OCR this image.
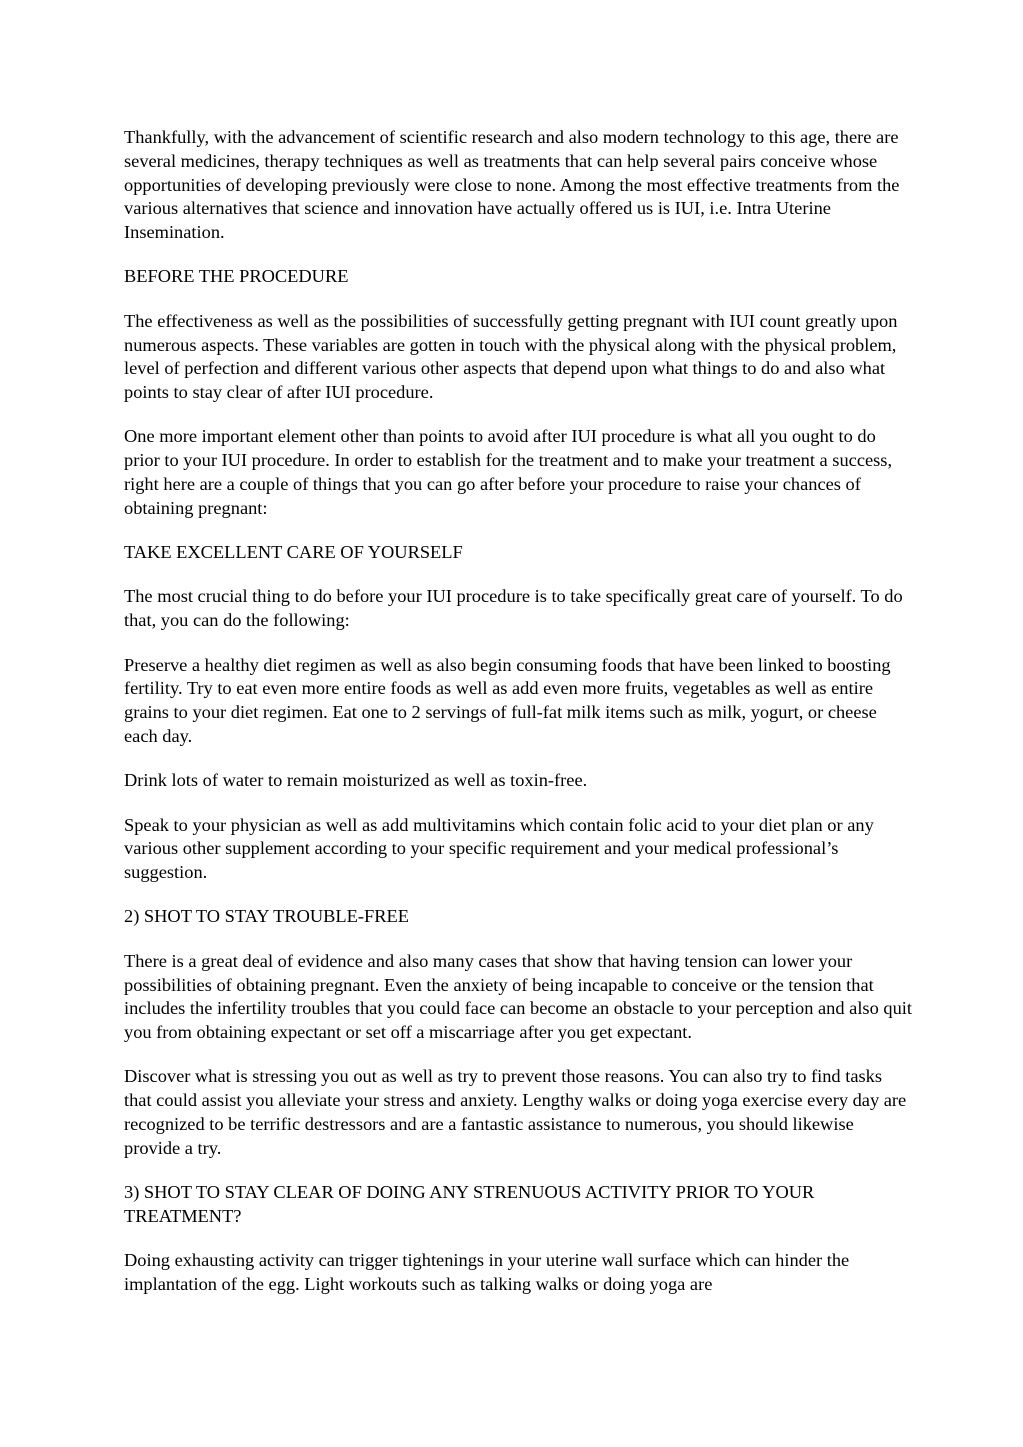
Thankfully, with the advancement of scientific research and also modern technology to this age, there are several medicines, therapy techniques as well as treatments that can help several pairs conceive whose opportunities of developing previously were close to none. Among the most effective treatments from the various alternatives that science and innovation have actually offered us is IUI, i.e. Intra Uterine Insemination.

BEFORE THE PROCEDURE

The effectiveness as well as the possibilities of successfully getting pregnant with IUI count greatly upon numerous aspects. These variables are gotten in touch with the physical along with the physical problem, level of perfection and different various other aspects that depend upon what things to do and also what points to stay clear of after IUI procedure.

One more important element other than points to avoid after IUI procedure is what all you ought to do prior to your IUI procedure. In order to establish for the treatment and to make your treatment a success, right here are a couple of things that you can go after before your procedure to raise your chances of obtaining pregnant:

TAKE EXCELLENT CARE OF YOURSELF

The most crucial thing to do before your IUI procedure is to take specifically great care of yourself. To do that, you can do the following:

Preserve a healthy diet regimen as well as also begin consuming foods that have been linked to boosting fertility. Try to eat even more entire foods as well as add even more fruits, vegetables as well as entire grains to your diet regimen. Eat one to 2 servings of full-fat milk items such as milk, yogurt, or cheese each day.

Drink lots of water to remain moisturized as well as toxin-free.

Speak to your physician as well as add multivitamins which contain folic acid to your diet plan or any various other supplement according to your specific requirement and your medical professional’s suggestion.

2) SHOT TO STAY TROUBLE-FREE

There is a great deal of evidence and also many cases that show that having tension can lower your possibilities of obtaining pregnant. Even the anxiety of being incapable to conceive or the tension that includes the infertility troubles that you could face can become an obstacle to your perception and also quit you from obtaining expectant or set off a miscarriage after you get expectant.

Discover what is stressing you out as well as try to prevent those reasons. You can also try to find tasks that could assist you alleviate your stress and anxiety. Lengthy walks or doing yoga exercise every day are recognized to be terrific destressors and are a fantastic assistance to numerous, you should likewise provide a try.

3) SHOT TO STAY CLEAR OF DOING ANY STRENUOUS ACTIVITY PRIOR TO YOUR TREATMENT?

Doing exhausting activity can trigger tightenings in your uterine wall surface which can hinder the implantation of the egg. Light workouts such as talking walks or doing yoga are
